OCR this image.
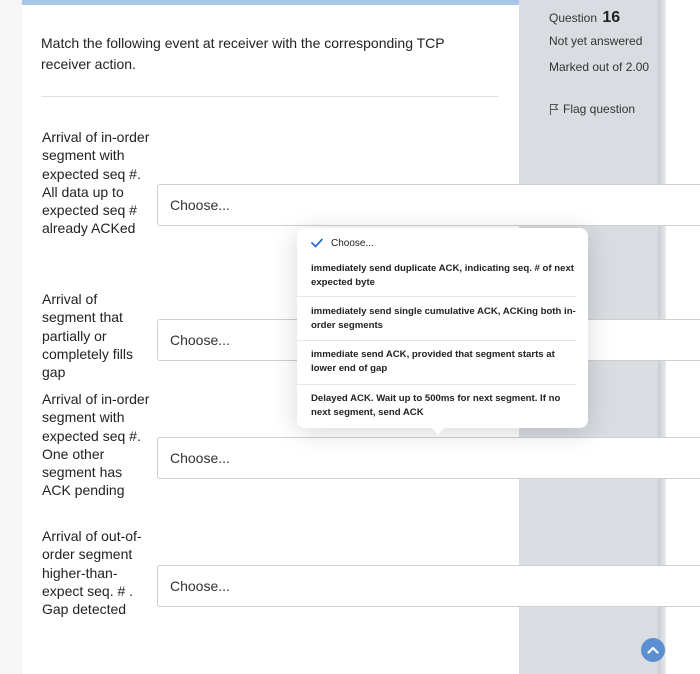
Question 16
Not yet answered
Marked out of 2.00
Flag question
Match the following event at receiver with the corresponding TCP receiver action.
Arrival of in-order segment with expected seq #. All data up to expected seq # already ACKed
Choose...
Arrival of segment that partially or completely fills gap
Choose...
Arrival of in-order segment with expected seq #. One other segment has ACK pending
Choose...
Arrival of out-of-order segment higher-than-expect seq. # . Gap detected
Choose...
Choose...
immediately send duplicate ACK, indicating seq. # of next expected byte
immediately send single cumulative ACK, ACKing both in-order segments
immediate send ACK, provided that segment starts at lower end of gap
Delayed ACK. Wait up to 500ms for next segment. If no next segment, send ACK
